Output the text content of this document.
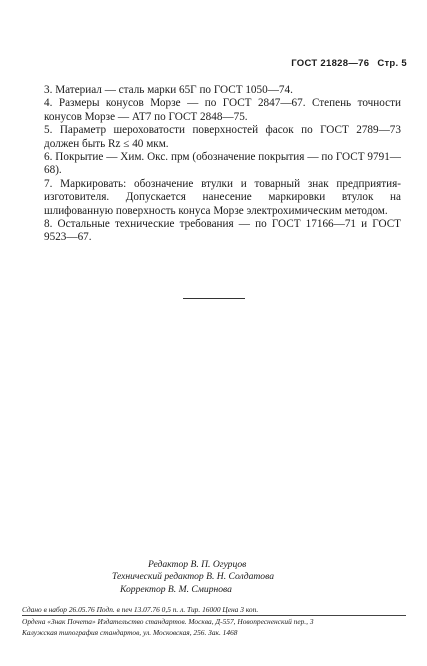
ГОСТ 21828—76 Стр. 5

3. Материал — сталь марки 65Г по ГОСТ 1050—74.

4. Размеры конусов Морзе — по ГОСТ 2847—67. Степень точности конусов Морзе — АТ7 по ГОСТ 2848—75.

5. Параметр шероховатости поверхностей фасок по ГОСТ 2789—73 должен быть Rz ≤ 40 мкм.

6. Покрытие — Хим. Окс. прм (обозначение покрытия — по ГОСТ 9791—68).

7. Маркировать: обозначение втулки и товарный знак предприятия-изготовителя. Допускается нанесение маркировки втулок на шлифованную поверхность конуса Морзе электрохимическим методом.

8. Остальные технические требования — по ГОСТ 17166—71 и ГОСТ 9523—67.

Редактор В. П. Огурцов
Технический редактор В. Н. Солдатова
Корректор В. М. Смирнова
Сдано в набор 26.05.76 Подп. в печ 13.07.76 0,5 п. л. Тир. 16000 Цена 3 коп.
Ордена «Знак Почета» Издательство стандартов. Москва, Д-557, Новопресненский пер., 3
Калужская типография стандартов, ул. Московская, 256. Зак. 1468
